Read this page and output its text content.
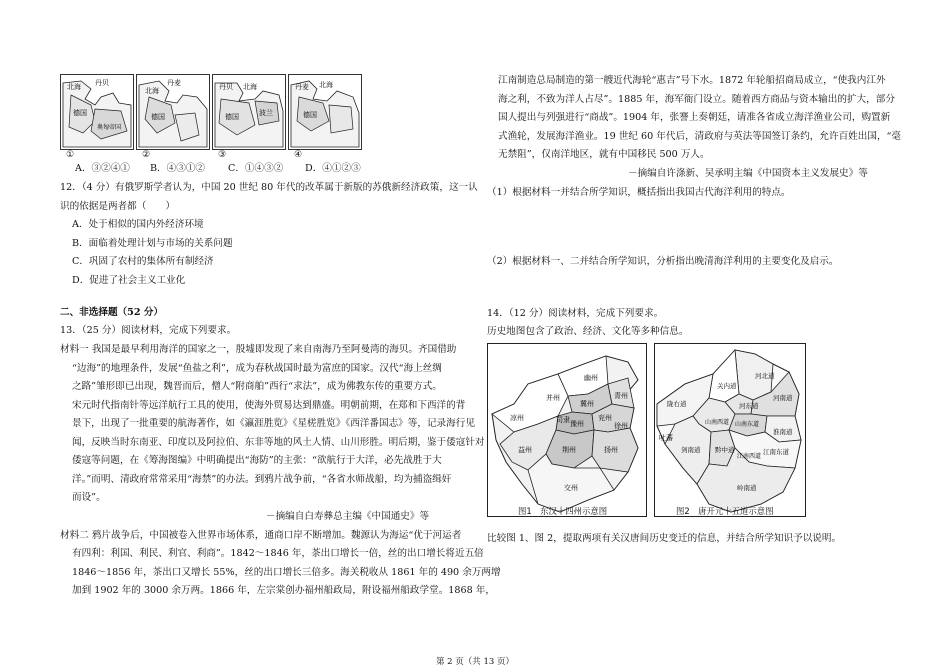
北海 丹贝
德国
奥匈帝国
北海
丹麦
德国
丹贝 北海
德国	波兰
丹麦 北海
德国
①	②	③	④
A．③②④① B．④③①② C．①④③② D．④①②③
12．（4 分）有俄罗斯学者认为，中国 20 世纪 80 年代的改革属于新版的苏俄新经济政策，这一认
识的依据是两者都（　　）
A．处于相似的国内外经济环境
B．面临着处理计划与市场的关系问题
C．巩固了农村的集体所有制经济
D．促进了社会主义工业化
二、非选择题（52 分）
13．（25 分）阅读材料，完成下列要求。
材料一 我国是最早利用海洋的国家之一，殷墟即发现了来自南海乃至阿曼湾的海贝。齐国借助
“边海”的地理条件，发展“鱼盐之利”，成为春秋战国时最为富庶的国家。汉代“海上丝绸
之路”雏形即已出现，魏晋而后，僧人“附商舶”西行“求法”，成为佛教东传的重要方式。
宋元时代指南针等远洋航行工具的使用，使海外贸易达到鼎盛。明朝前期，在郑和下西洋的背
景下，出现了一批重要的航海著作，如《瀛涯胜览》《星槎胜览》《西洋番国志》等，记录海行见
闻，反映当时东南亚、印度以及阿拉伯、东非等地的风土人情、山川形胜。明后期，鉴于倭寇针对
倭寇等问题，在《筹海图编》中明确提出“海防”的主张：“欲航行于大洋，必先战胜于大
洋。”而明、清政府常常采用“海禁”的办法。到鸦片战争前，“各省水师战船，均为捕盗缉奸
而设”。
－摘编自白寿彝总主编《中国通史》等
材料二 鸦片战争后，中国被卷入世界市场体系，通商口岸不断增加。魏源认为海运“优于河运者
有四利：利国、利民、利官、利商”。1842～1846 年，茶出口增长一倍，丝的出口增长将近五倍
1846～1856 年，茶出口又增长 55%，丝的出口增长三倍多。海关税收从 1861 年的 490 余万两增
加到 1902 年的 3000 余万两。1866 年，左宗棠创办福州船政局，附设福州船政学堂。1868 年，
江南制造总局制造的第一艘近代海轮“惠吉”号下水。1872 年轮船招商局成立，“使我内江外
海之利，不致为洋人占尽”。1885 年，海军衙门设立。随着西方商品与资本输出的扩大，部分
国人提出与列强进行“商战”。1904 年，张謇上奏朝廷，请准各省成立海洋渔业公司，购置新
式渔轮，发展海洋渔业。19 世纪 60 年代后，清政府与英法等国签订条约，允许百姓出国，“毫
无禁阻”，仅南洋地区，就有中国移民 500 万人。
－摘编自许涤新、吴承明主编《中国资本主义发展史》等
（1）根据材料一并结合所学知识，概括指出我国古代海洋利用的特点。
（2）根据材料一、二并结合所学知识，分析指出晚清海洋利用的主要变化及启示。
14．（12 分）阅读材料，完成下列要求。
历史地图包含了政治、经济、文化等多种信息。
幽州
冀州
并州	青州
凉州	兖州
豫州	徐州
司隶
益州	荆州	扬州
交州
河北道
关内道
河东道
陇右道
河南道
吐蕃
山南西道 山南东道
淮南道
剑南道 黔中道	江南东道
江南西道
岭南道
图1　东汉十四州示意图	图2　唐开元十五道示意图
比较图 1、图 2，提取两项有关汉唐间历史变迁的信息，并结合所学知识予以说明。
第 2 页（共 13 页）
